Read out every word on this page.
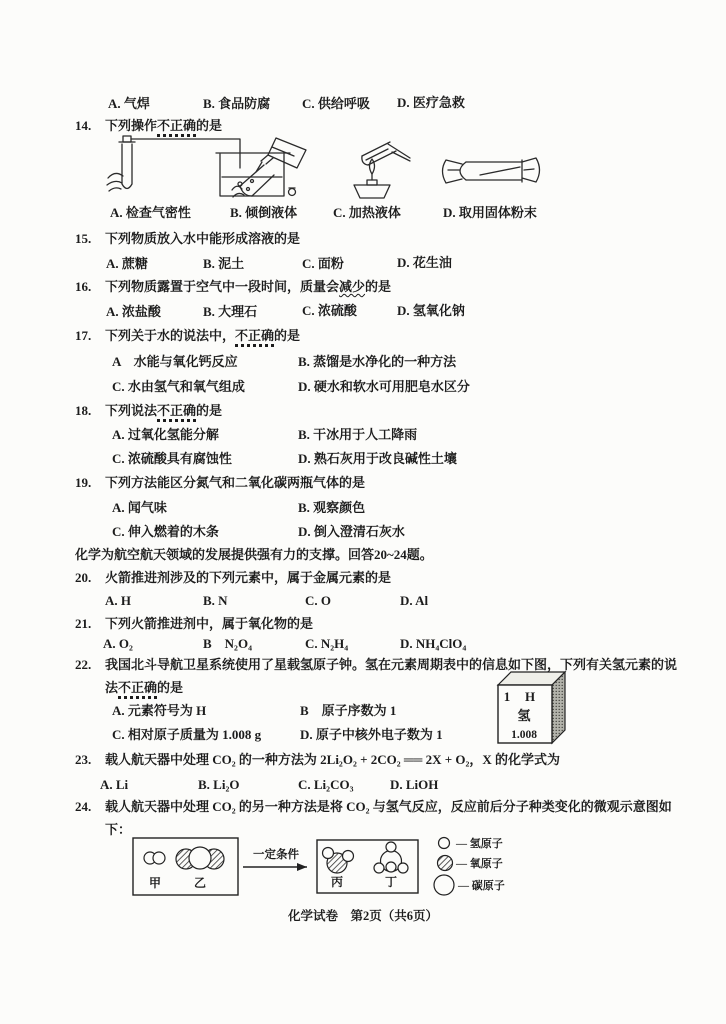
A. 气焊	B. 食品防腐 C. 供给呼吸 D. 医疗急救
14. 下列操作不正确的是
A. 检查气密性	B. 倾倒液体	C. 加热液体	D. 取用固体粉末
15. 下列物质放入水中能形成溶液的是
A. 蔗糖	B. 泥土	C. 面粉	D. 花生油
16. 下列物质露置于空气中一段时间，质量会减少的是
A. 浓盐酸	B. 大理石	C. 浓硫酸	D. 氢氧化钠
17. 下列关于水的说法中，不正确的是
A　水能与氧化钙反应	B. 蒸馏是水净化的一种方法
C. 水由氢气和氧气组成	D. 硬水和软水可用肥皂水区分
18. 下列说法不正确的是
A. 过氧化氢能分解	B. 干冰用于人工降雨
C. 浓硫酸具有腐蚀性	D. 熟石灰用于改良碱性土壤
19. 下列方法能区分氮气和二氧化碳两瓶气体的是
A. 闻气味	B. 观察颜色
C. 伸入燃着的木条	D. 倒入澄清石灰水
化学为航空航天领域的发展提供强有力的支撑。回答20~24题。
20. 火箭推进剂涉及的下列元素中，属于金属元素的是
A. H	B. N	C. O	D. Al
21. 下列火箭推进剂中，属于氧化物的是
A. O₂	B　N₂O₄	C. N₂H₄	D. NH₄ClO₄
22. 我国北斗导航卫星系统使用了星载氢原子钟。氢在元素周期表中的信息如下图，下列有关氢元素的说
法不正确的是
A. 元素符号为 H	B　原子序数为 1
C. 相对原子质量为 1.008 g	D. 原子中核外电子数为 1
1 H
氢
1.008
23. 载人航天器中处理 CO₂ 的一种方法为 2Li₂O₂ + 2CO₂ ══ 2X + O₂，X 的化学式为
A. Li	B. Li₂O	C. Li₂CO₃	D. LiOH
24. 载人航天器中处理 CO₂ 的另一种方法是将 CO₂ 与氢气反应，反应前后分子种类变化的微观示意图如
下：
甲	乙
一定条件
丙	丁
— 氢原子
— 氧原子
— 碳原子
化学试卷　第2页（共6页）
